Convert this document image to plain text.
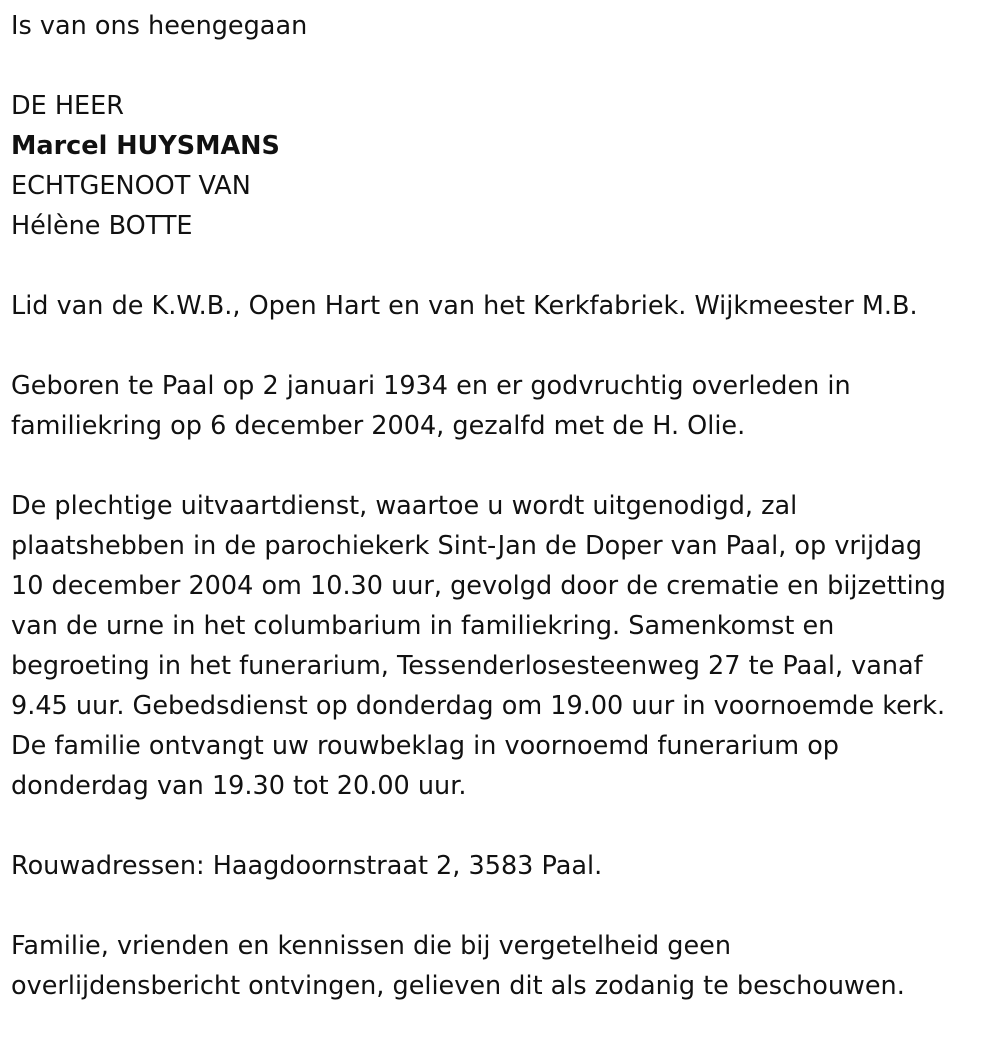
Is van ons heengegaan
DE HEER
Marcel HUYSMANS
ECHTGENOOT VAN
Hélène BOTTE
Lid van de K.W.B., Open Hart en van het Kerkfabriek. Wijkmeester M.B.
Geboren te Paal op 2 januari 1934 en er godvruchtig overleden in
familiekring op 6 december 2004, gezalfd met de H. Olie.
De plechtige uitvaartdienst, waartoe u wordt uitgenodigd, zal
plaatshebben in de parochiekerk Sint-Jan de Doper van Paal, op vrijdag
10 december 2004 om 10.30 uur, gevolgd door de crematie en bijzetting
van de urne in het columbarium in familiekring. Samenkomst en
begroeting in het funerarium, Tessenderlosesteenweg 27 te Paal, vanaf
9.45 uur. Gebedsdienst op donderdag om 19.00 uur in voornoemde kerk.
De familie ontvangt uw rouwbeklag in voornoemd funerarium op
donderdag van 19.30 tot 20.00 uur.
Rouwadressen: Haagdoornstraat 2, 3583 Paal.
Familie, vrienden en kennissen die bij vergetelheid geen
overlijdensbericht ontvingen, gelieven dit als zodanig te beschouwen.
